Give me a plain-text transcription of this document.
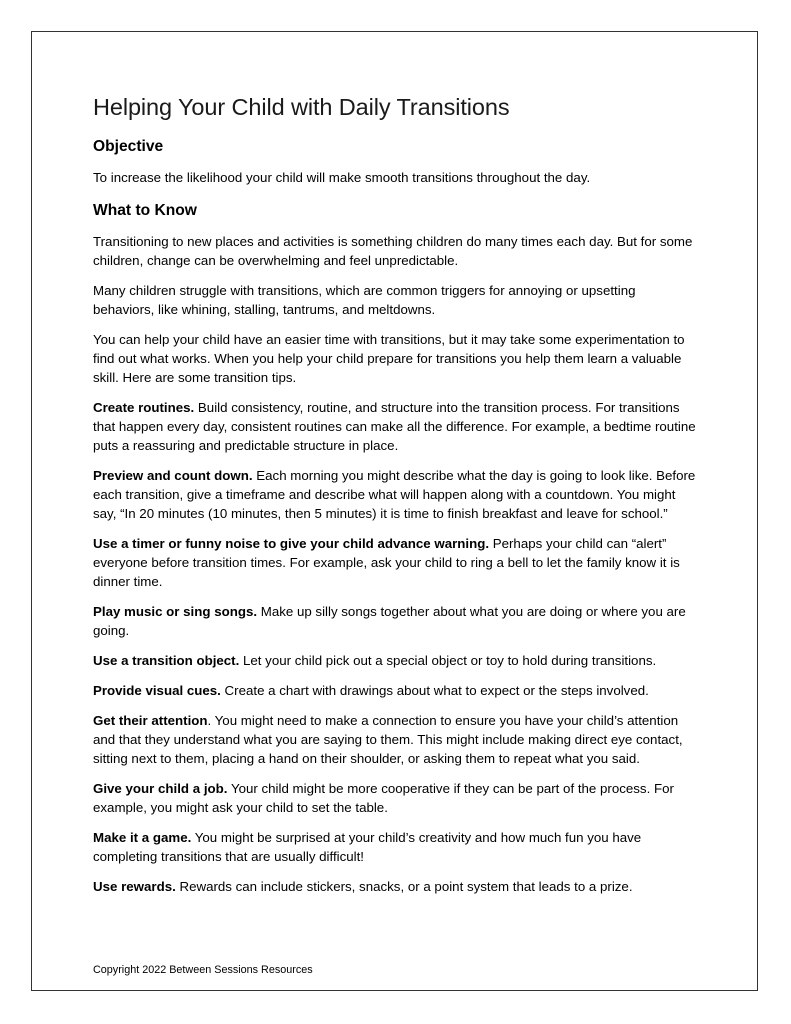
Helping Your Child with Daily Transitions
Objective

To increase the likelihood your child will make smooth transitions throughout the day.

What to Know

Transitioning to new places and activities is something children do many times each day. But for some children, change can be overwhelming and feel unpredictable.

Many children struggle with transitions, which are common triggers for annoying or upsetting behaviors, like whining, stalling, tantrums, and meltdowns.

You can help your child have an easier time with transitions, but it may take some experimentation to find out what works. When you help your child prepare for transitions you help them learn a valuable skill. Here are some transition tips.

Create routines. Build consistency, routine, and structure into the transition process. For transitions that happen every day, consistent routines can make all the difference. For example, a bedtime routine puts a reassuring and predictable structure in place.

Preview and count down. Each morning you might describe what the day is going to look like. Before each transition, give a timeframe and describe what will happen along with a countdown. You might say, “In 20 minutes (10 minutes, then 5 minutes) it is time to finish breakfast and leave for school.”

Use a timer or funny noise to give your child advance warning. Perhaps your child can “alert” everyone before transition times. For example, ask your child to ring a bell to let the family know it is dinner time.

Play music or sing songs. Make up silly songs together about what you are doing or where you are going.

Use a transition object. Let your child pick out a special object or toy to hold during transitions.

Provide visual cues. Create a chart with drawings about what to expect or the steps involved.

Get their attention. You might need to make a connection to ensure you have your child’s attention and that they understand what you are saying to them. This might include making direct eye contact, sitting next to them, placing a hand on their shoulder, or asking them to repeat what you said.

Give your child a job. Your child might be more cooperative if they can be part of the process. For example, you might ask your child to set the table.

Make it a game. You might be surprised at your child’s creativity and how much fun you have completing transitions that are usually difficult!

Use rewards. Rewards can include stickers, snacks, or a point system that leads to a prize.

Copyright 2022 Between Sessions Resources
